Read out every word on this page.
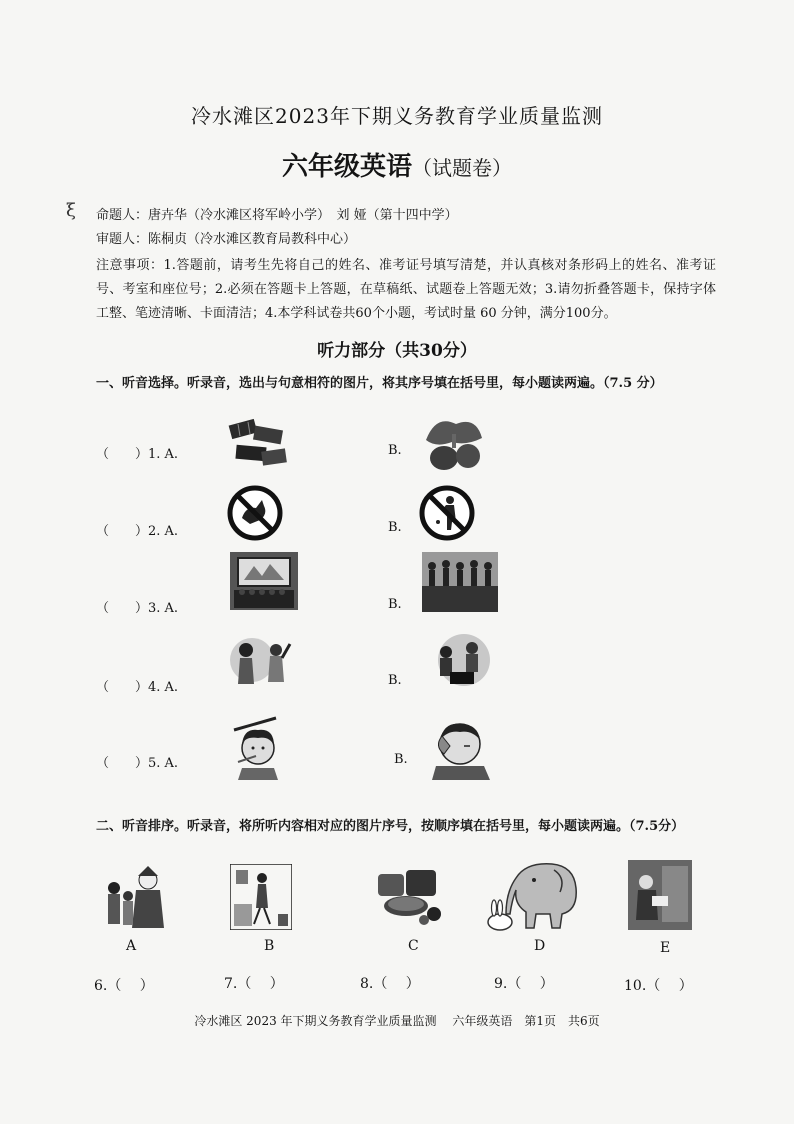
ξ
冷水滩区2023年下期义务教育学业质量监测
六年级英语（试题卷）
命题人：唐卉华（冷水滩区将军岭小学）　刘 娅（第十四中学）
审题人：陈桐贞（冷水滩区教育局教科中心）
注意事项：1.答题前，请考生先将自己的姓名、准考证号填写清楚，并认真核对条形码上的姓名、准考证号、考室和座位号；2.必须在答题卡上答题，在草稿纸、试题卷上答题无效；3.请勿折叠答题卡，保持字体工整、笔迹清晰、卡面清洁；4.本学科试卷共60个小题，考试时量 60 分钟，满分100分。
听力部分（共30分）
一、听音选择。听录音，选出与句意相符的图片，将其序号填在括号里，每小题读两遍。（7.5 分）
（　　）1. A.	B.
（　　）2. A.	B.
（　　）3. A.	B.
（　　）4. A.	B.
（　　）5. A.	B.
二、听音排序。听录音，将所听内容相对应的图片序号，按顺序填在括号里，每小题读两遍。（7.5分）
A	B	C	D	E
6.（　 ）	7.（　 ）	8.（　 ）	9.（　 ）	10.（　 ）
冷水滩区 2023 年下期义务教育学业质量监测　 六年级英语　第1页　共6页
